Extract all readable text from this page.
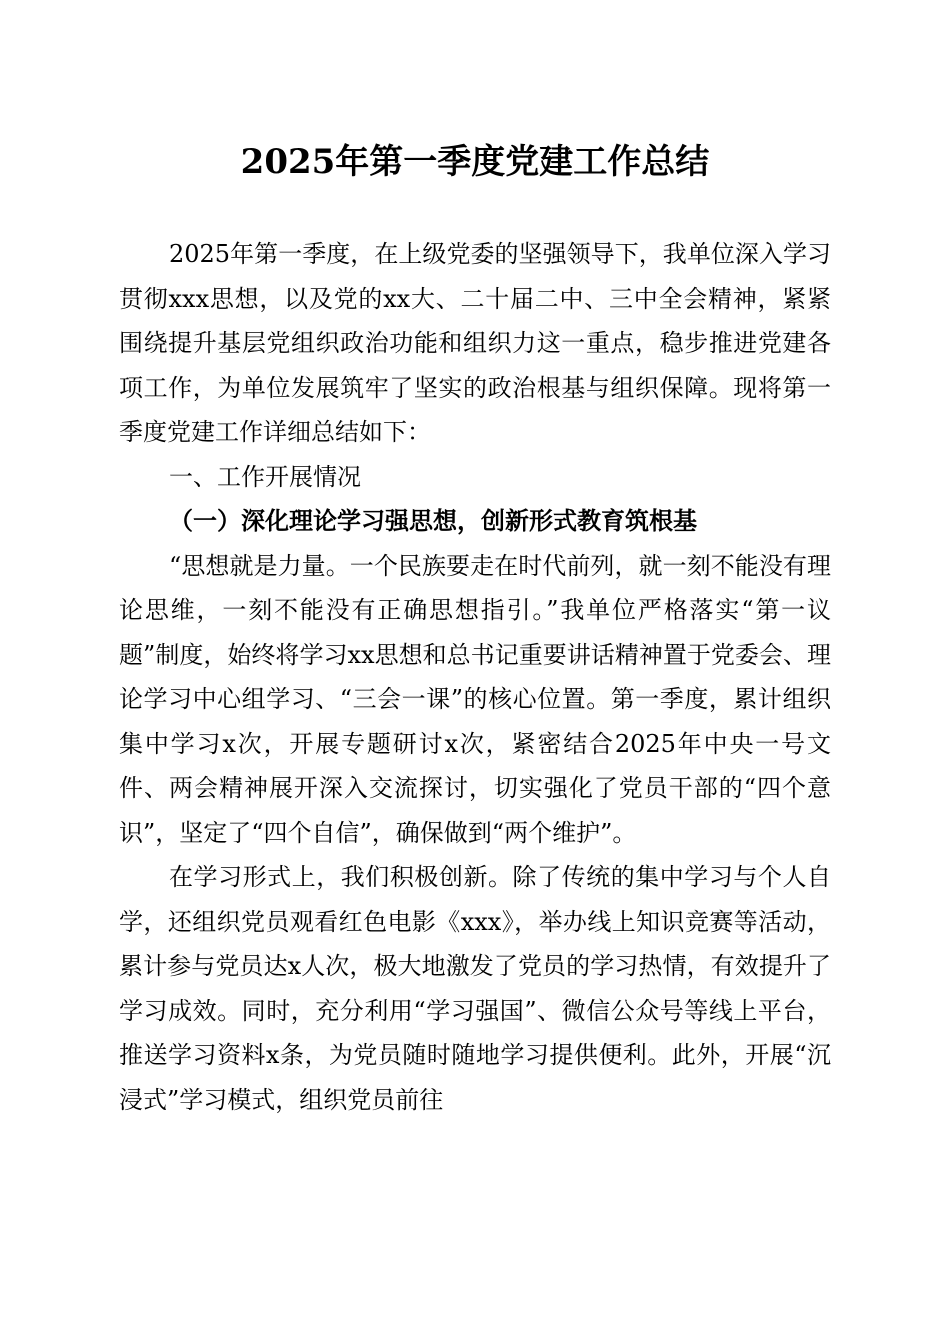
2025年第一季度党建工作总结

2025年第一季度，在上级党委的坚强领导下，我单位深入学习贯彻xxx思想，以及党的xx大、二十届二中、三中全会精神，紧紧围绕提升基层党组织政治功能和组织力这一重点，稳步推进党建各项工作，为单位发展筑牢了坚实的政治根基与组织保障。现将第一季度党建工作详细总结如下：

一、工作开展情况

（一）深化理论学习强思想，创新形式教育筑根基

“思想就是力量。一个民族要走在时代前列，就一刻不能没有理论思维，一刻不能没有正确思想指引。”我单位严格落实“第一议题”制度，始终将学习xx思想和总书记重要讲话精神置于党委会、理论学习中心组学习、“三会一课”的核心位置。第一季度，累计组织集中学习x次，开展专题研讨x次，紧密结合2025年中央一号文件、两会精神展开深入交流探讨，切实强化了党员干部的“四个意识”，坚定了“四个自信”，确保做到“两个维护”。

在学习形式上，我们积极创新。除了传统的集中学习与个人自学，还组织党员观看红色电影《xxx》，举办线上知识竞赛等活动，累计参与党员达x人次，极大地激发了党员的学习热情，有效提升了学习成效。同时，充分利用“学习强国”、微信公众号等线上平台，推送学习资料x条，为党员随时随地学习提供便利。此外，开展“沉浸式”学习模式，组织党员前往
